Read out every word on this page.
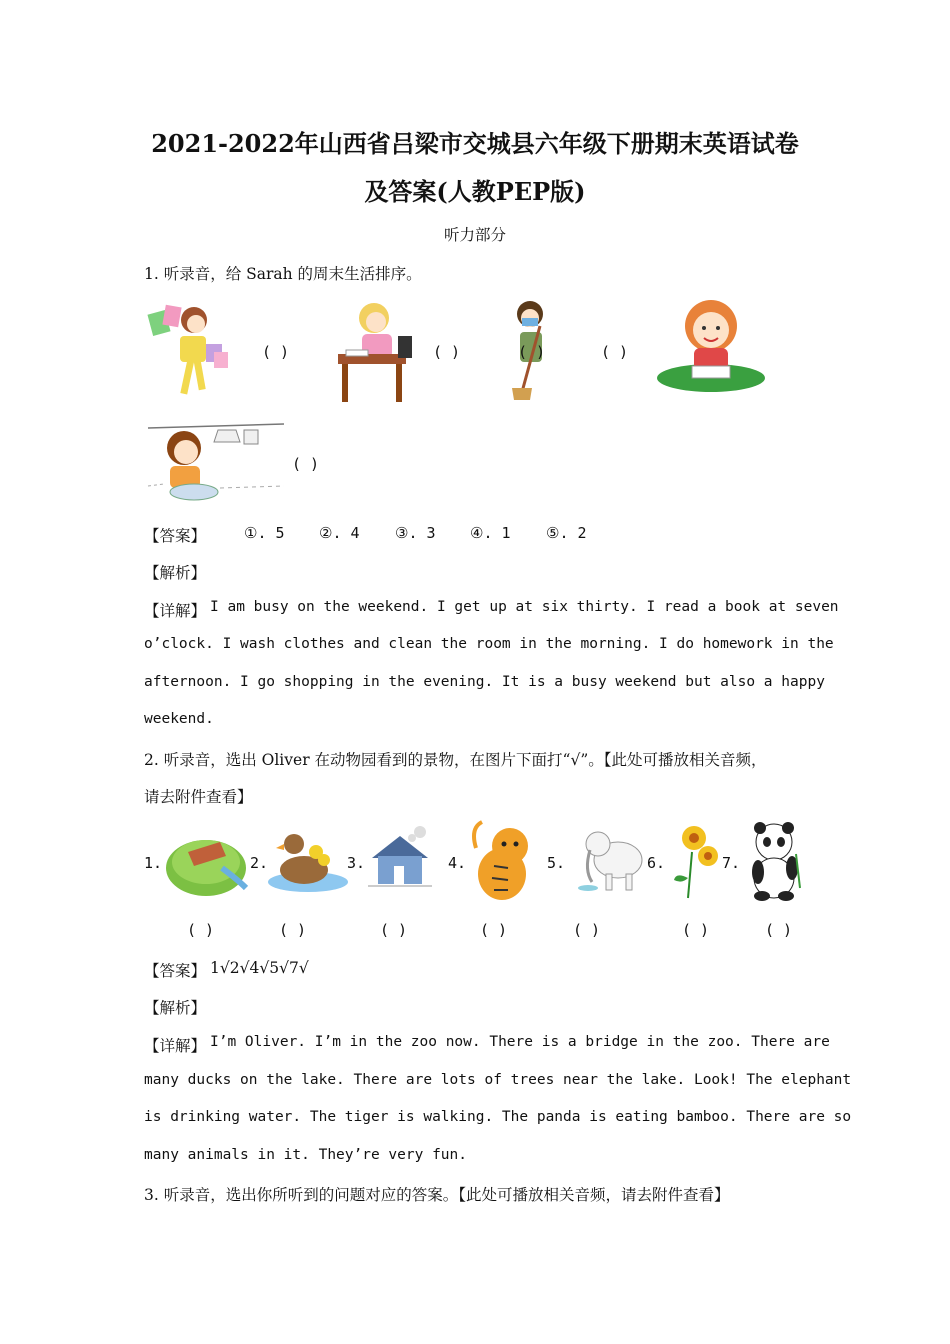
2021-2022年山西省吕梁市交城县六年级下册期末英语试卷
及答案(人教PEP版)
听力部分
1. 听录音，给 Sarah 的周末生活排序。
( )	( )	( )	( )
( )
【答案】	①. 5 ②. 4 ③. 3 ④. 1 ⑤. 2
【解析】
【详解】 I am busy on the weekend. I get up at six thirty. I read a book at seven
o’clock. I wash clothes and clean the room in the morning. I do homework in the
afternoon. I go shopping in the evening. It is a busy weekend but also a happy
weekend.
2. 听录音，选出 Oliver 在动物园看到的景物，在图片下面打“√”。【此处可播放相关音频，
请去附件查看】
1.	2.	3.	4.	5.	6.	7.
( )	( )	( )	( )	( )	( )	( )
【答案】 1√2√4√5√7√
【解析】
【详解】 I’m Oliver. I’m in the zoo now. There is a bridge in the zoo. There are
many ducks on the lake. There are lots of trees near the lake. Look! The elephant
is drinking water. The tiger is walking. The panda is eating bamboo. There are so
many animals in it. They’re very fun.
3. 听录音，选出你所听到的问题对应的答案。【此处可播放相关音频，请去附件查看】
